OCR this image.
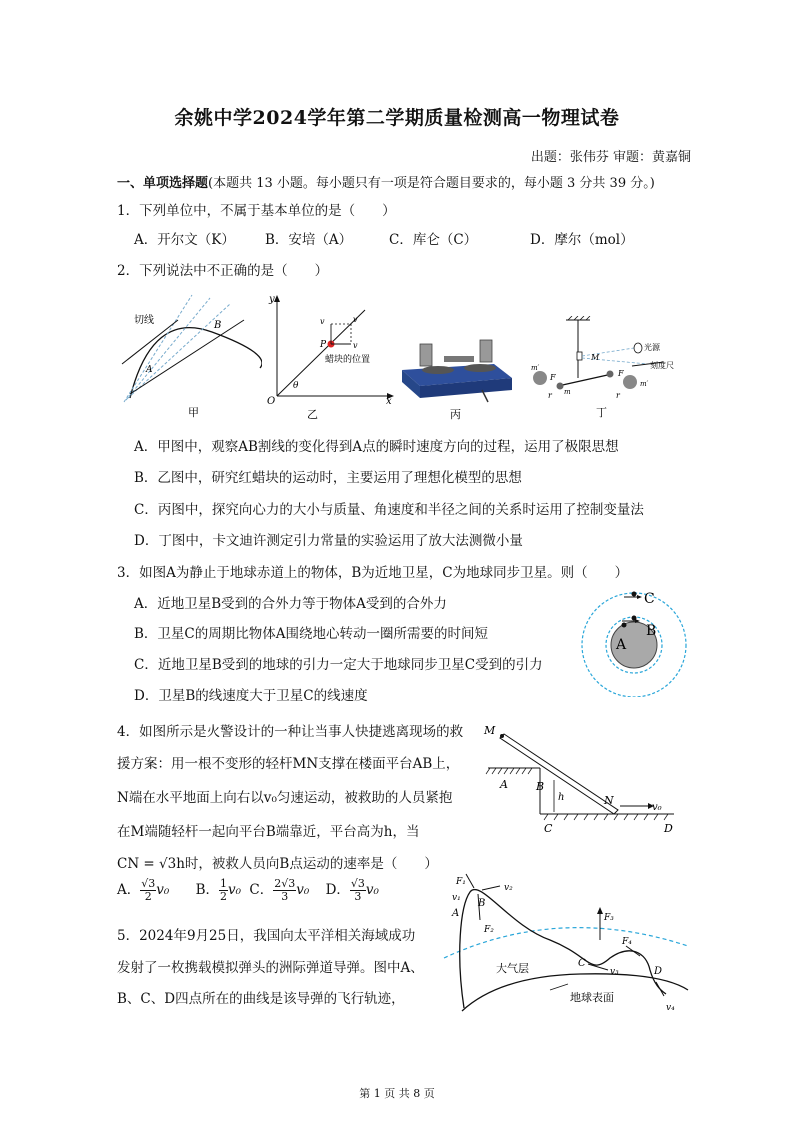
余姚中学2024学年第二学期质量检测高一物理试卷
出题：张伟芬 审题：黄嘉铜
一、单项选择题(本题共 13 小题。每小题只有一项是符合题目要求的，每小题 3 分共 39 分。)
1．下列单位中，不属于基本单位的是（　　）
A．开尔文（K） B．安培（A）	C．库仑（C）	D．摩尔（mol）
2．下列说法中不正确的是（　　）
切线	B
A
甲
y
x
O
θ
P
v
v
v
蜡块的位置
乙	丙
M
光源
刻度尺
m′
m′
m
F	F
r	r
丁
A．甲图中，观察AB割线的变化得到A点的瞬时速度方向的过程，运用了极限思想
B．乙图中，研究红蜡块的运动时，主要运用了理想化模型的思想
C．丙图中，探究向心力的大小与质量、角速度和半径之间的关系时运用了控制变量法
D．丁图中，卡文迪许测定引力常量的实验运用了放大法测微小量
3．如图A为静止于地球赤道上的物体，B为近地卫星，C为地球同步卫星。则（　　）
A．近地卫星B受到的合外力等于物体A受到的合外力
B．卫星C的周期比物体A围绕地心转动一圈所需要的时间短
C．近地卫星B受到的地球的引力一定大于地球同步卫星C受到的引力
D．卫星B的线速度大于卫星C的线速度
C
B
A
4．如图所示是火警设计的一种让当事人快捷逃离现场的救
援方案：用一根不变形的轻杆MN支撑在楼面平台AB上，
N端在水平地面上向右以v₀匀速运动，被救助的人员紧抱
在M端随轻杆一起向平台B端靠近，平台高为h，当
CN = √3h时，被救人员向B点运动的速率是（　　）
A． $\frac{√3}{2} v_0$ B． $\frac{1}{2} v_0$ C． $\frac{2√3}{3} v_0$ D． $\frac{√3}{3} v_0$
M
A	B
h	N
v₀
C	D
5．2024年9月25日，我国向太平洋相关海域成功
发射了一枚携载模拟弹头的洲际弹道导弹。图中A、
B、C、D四点所在的曲线是该导弹的飞行轨迹，
大气层
地球表面
A
B
C
D
F₁
F₂
F₃
F₄
v₁
v₂
v₃
v₄
第 1 页 共 8 页
